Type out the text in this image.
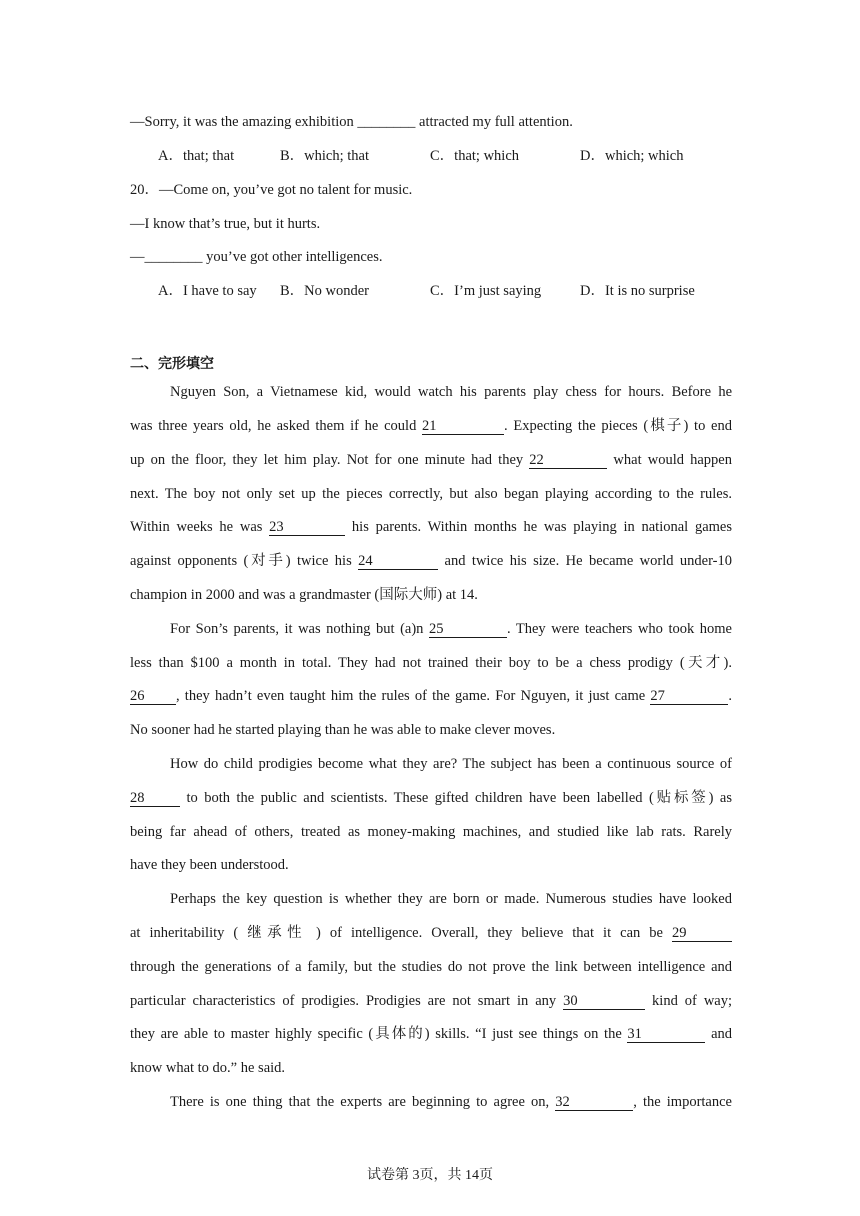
—Sorry, it was the amazing exhibition ________ attracted my full attention.
A．that; that	B．which; that	C．that; which	D．which; which
20．—Come on, you’ve got no talent for music.
—I know that’s true, but it hurts.
—________ you’ve got other intelligences.
A．I have to say B．No wonder	C．I’m just saying	D．It is no surprise
二、完形填空
Nguyen Son, a Vietnamese kid, would watch his parents play chess for hours. Before he
was three years old, he asked them if he could 21	. Expecting the pieces (棋子) to end
up on the floor, they let him play. Not for one minute had they 22	what would happen
next. The boy not only set up the pieces correctly, but also began playing according to the rules.
Within weeks he was 23	his parents. Within months he was playing in national games
against opponents (对手) twice his 24	and twice his size. He became world under-10
champion in 2000 and was a grandmaster (国际大师) at 14.
For Son’s parents, it was nothing but (a)n 25	. They were teachers who took home
less than $100 a month in total. They had not trained their boy to be a chess prodigy (天才).
26 , they hadn’t even taught him the rules of the game. For Nguyen, it just came 27	.
No sooner had he started playing than he was able to make clever moves.
How do child prodigies become what they are? The subject has been a continuous source of
28 to both the public and scientists. These gifted children have been labelled (贴标签) as
being far ahead of others, treated as money-making machines, and studied like lab rats. Rarely
have they been understood.
Perhaps the key question is whether they are born or made. Numerous studies have looked
at inheritability ( 继承性 ) of intelligence. Overall, they believe that it can be 29
through the generations of a family, but the studies do not prove the link between intelligence and
particular characteristics of prodigies. Prodigies are not smart in any 30	kind of way;
they are able to master highly specific (具体的) skills. “I just see things on the 31	and
know what to do.” he said.
There is one thing that the experts are beginning to agree on, 32	, the importance
试卷第 3页，共 14页
